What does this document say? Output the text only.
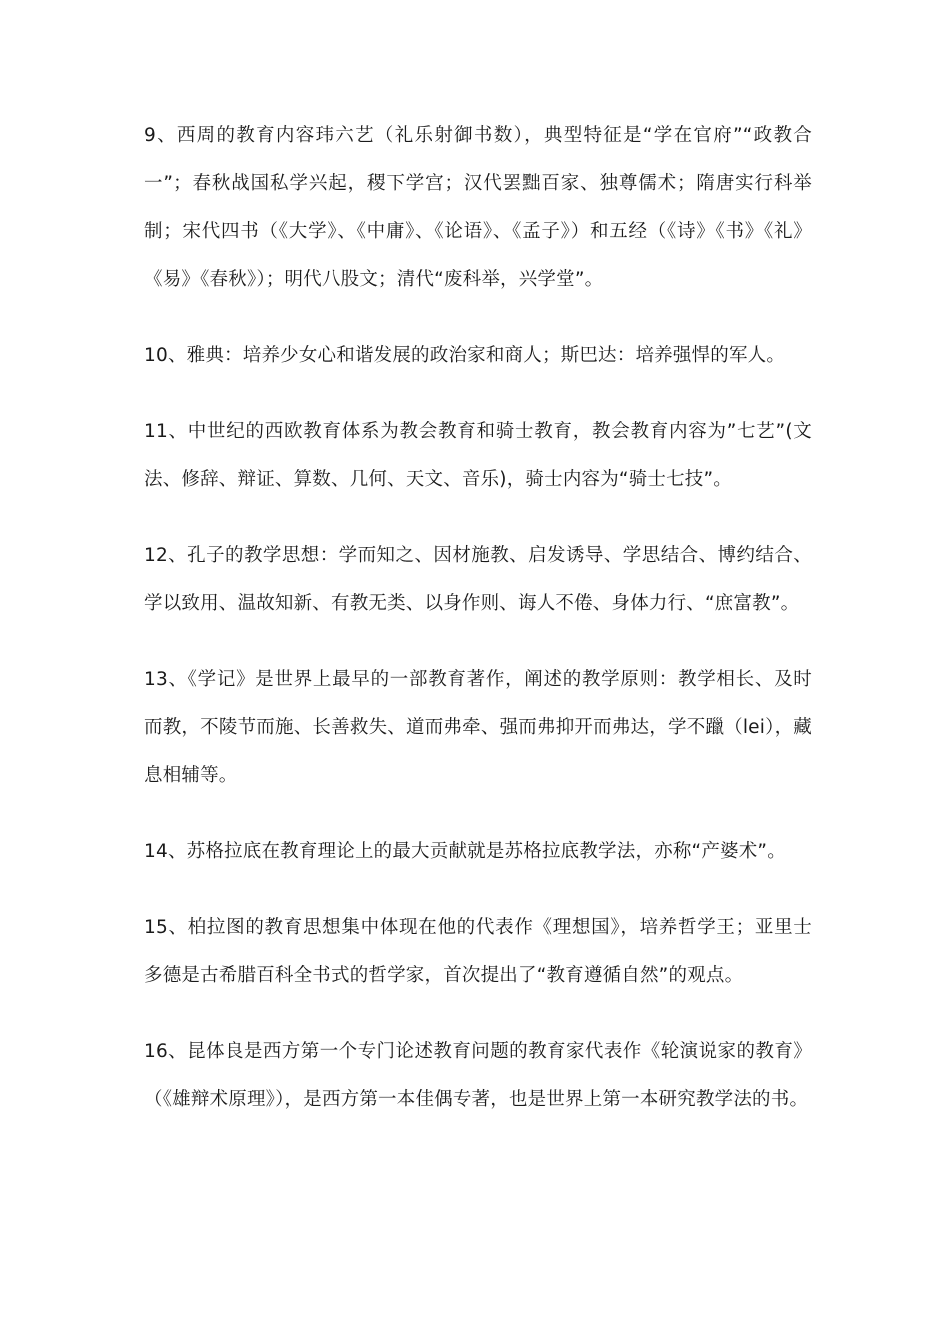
9、西周的教育内容玮六艺（礼乐射御书数），典型特征是“学在官府”“政教合一”；春秋战国私学兴起，稷下学宫；汉代罢黜百家、独尊儒术；隋唐实行科举制；宋代四书（《大学》、《中庸》、《论语》、《孟子》）和五经（《诗》《书》《礼》《易》《春秋》）；明代八股文；清代“废科举，兴学堂”。

10、雅典：培养少女心和谐发展的政治家和商人；斯巴达：培养强悍的军人。

11、中世纪的西欧教育体系为教会教育和骑士教育，教会教育内容为”七艺”(文法、修辞、辩证、算数、几何、天文、音乐)，骑士内容为“骑士七技”。

12、孔子的教学思想：学而知之、因材施教、启发诱导、学思结合、博约结合、学以致用、温故知新、有教无类、以身作则、诲人不倦、身体力行、“庶富教”。

13、《学记》是世界上最早的一部教育著作，阐述的教学原则：教学相长、及时而教，不陵节而施、长善救失、道而弗牵、强而弗抑开而弗达，学不躐（lei），藏息相辅等。

14、苏格拉底在教育理论上的最大贡献就是苏格拉底教学法，亦称“产婆术”。

15、柏拉图的教育思想集中体现在他的代表作《理想国》，培养哲学王；亚里士多德是古希腊百科全书式的哲学家，首次提出了“教育遵循自然”的观点。

16、昆体良是西方第一个专门论述教育问题的教育家代表作《轮演说家的教育》（《雄辩术原理》），是西方第一本佳偶专著，也是世界上第一本研究教学法的书。
